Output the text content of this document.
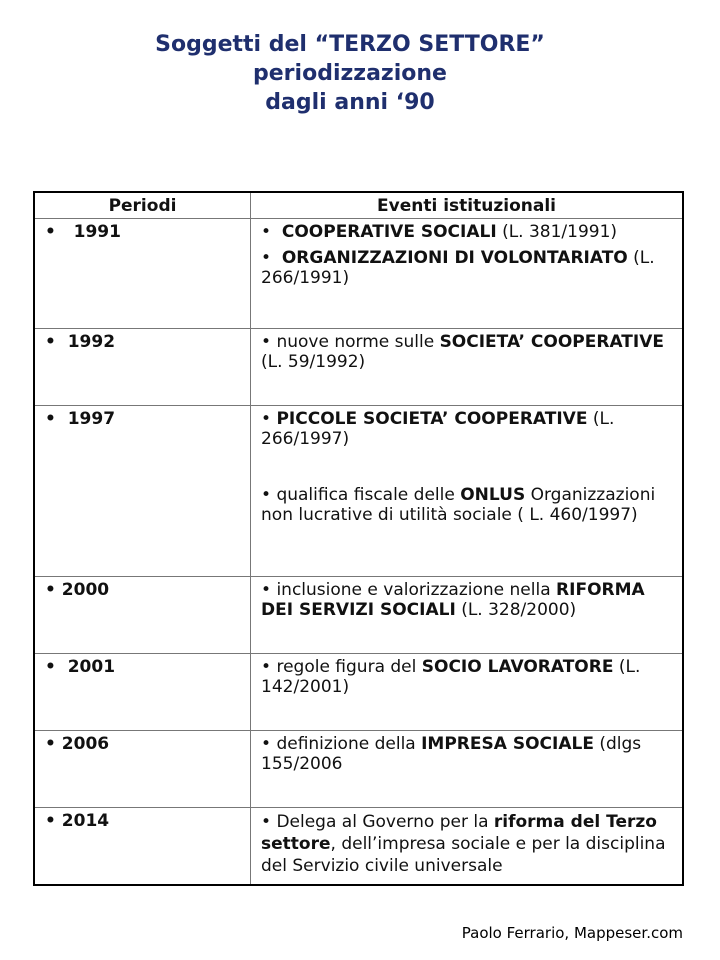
Soggetti del “TERZO SETTORE”
periodizzazione
dagli anni ‘90
Periodi	Eventi istituzionali
•   1991	• COOPERATIVE SOCIALI (L. 381/1991)
• ORGANIZZAZIONI DI VOLONTARIATO (L. 266/1991)

•  1992	• nuove norme sulle SOCIETA’ COOPERATIVE (L. 59/1992)

•  1997	• PICCOLE SOCIETA’ COOPERATIVE (L. 266/1997)
• qualifica fiscale delle ONLUS Organizzazioni non lucrative di utilità sociale ( L. 460/1997)

• 2000	• inclusione e valorizzazione nella RIFORMA DEI SERVIZI SOCIALI (L. 328/2000)

•  2001	• regole figura del SOCIO LAVORATORE (L. 142/2001)

• 2006	• definizione della IMPRESA SOCIALE (dlgs 155/2006

• 2014	• Delega al Governo per la riforma del Terzo settore, dell’impresa sociale e per la disciplina del Servizio civile universale
Paolo Ferrario, Mappeser.com
